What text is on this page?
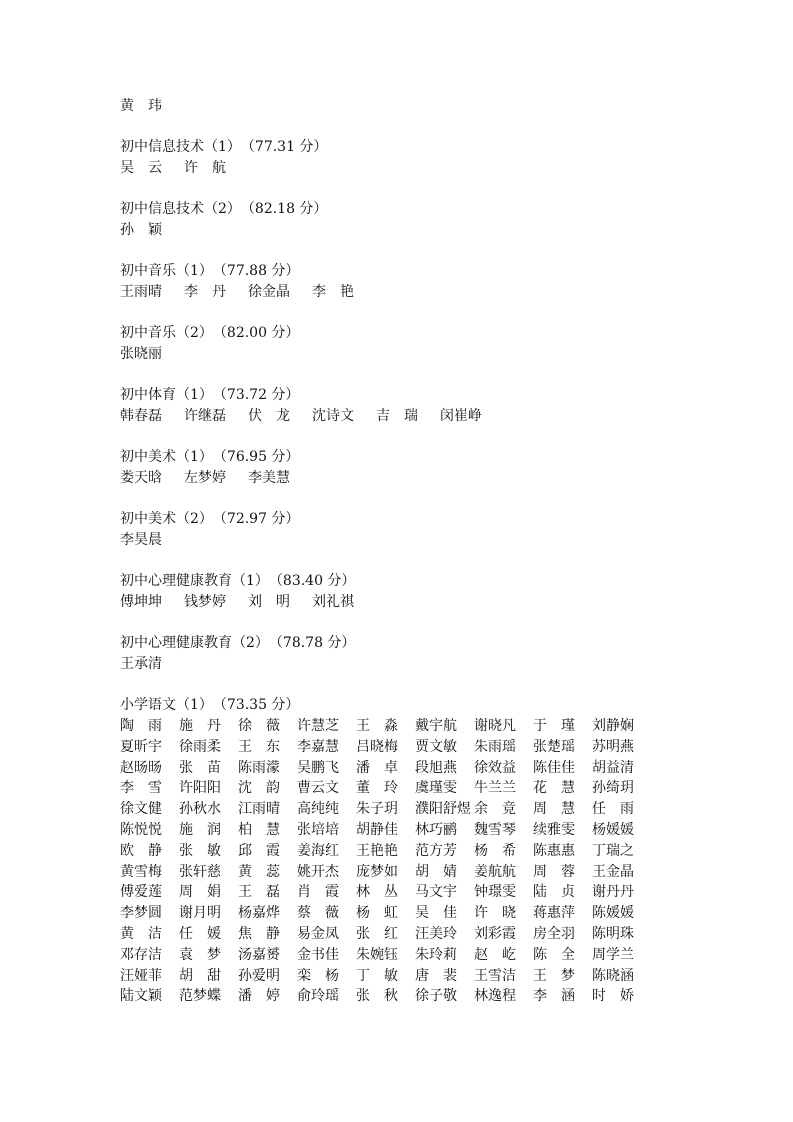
黄　玮
初中信息技术（1）　（77.31 分）
吴　云 许　航
初中信息技术（2）　（82.18 分）
孙　颖
初中音乐（1）　（77.88 分）
王雨晴 李　丹 徐金晶 李　艳
初中音乐（2）　（82.00 分）
张晓丽
初中体育（1）　（73.72 分）
韩春磊 许继磊 伏　龙 沈诗文 吉　瑞 闵崔峥
初中美术（1）　（76.95 分）
娄天晗 左梦婷 李美慧
初中美术（2）　（72.97 分）
李昊晨
初中心理健康教育（1）　（83.40 分）
傅坤坤 钱梦婷 刘　明 刘礼祺
初中心理健康教育（2）　（78.78 分）
王承清
小学语文（1）　（73.35 分）
陶　雨 施　丹 徐　薇 许慧芝 王　淼 戴宇航 谢晓凡 于　瑾 刘静娴
夏昕宇 徐雨柔 王　东 李嘉慧 吕晓梅 贾文敏 朱雨瑶 张楚瑶 苏明燕
赵旸旸 张　苗 陈雨濛 吴鹏飞 潘　卓 段旭燕 徐效益 陈佳佳 胡益清
李　雪 许阳阳 沈　韵 曹云文 董　玲 虞瑾雯 牛兰兰 花　慧 孙绮玥
徐文健 孙秋水 江雨晴 高纯纯 朱子玥 濮阳舒煜 余　竞 周　慧 任　雨
陈悦悦 施　润 柏　慧 张培培 胡静佳 林巧鹂 魏雪琴 续雅雯 杨媛媛
欧　静 张　敏 邱　霞 姜海红 王艳艳 范方芳 杨　希 陈惠惠 丁瑞之
黄雪梅 张轩慈 黄　蕊 姚开杰 庞梦如 胡　婧 姜航航 周　蓉 王金晶
傅爱莲 周　娟 王　磊 肖　霞 林　丛 马文宇 钟璟雯 陆　贞 谢丹丹
李梦圆 谢月明 杨嘉烨 蔡　薇 杨　虹 吴　佳 许　晓 蒋惠萍 陈媛媛
黄　洁 任　媛 焦　静 易金凤 张　红 汪美玲 刘彩霞 房全羽 陈明珠
邓存洁 袁　梦 汤嘉赟 金书佳 朱婉钰 朱玲莉 赵　屹 陈　全 周学兰
汪娅菲 胡　甜 孙爱明 栾　杨 丁　敏 唐　裴 王雪洁 王　梦 陈晓涵
陆文颖 范梦蝶 潘　婷 俞玲瑶 张　秋 徐子敬 林逸程 李　涵 时　娇
